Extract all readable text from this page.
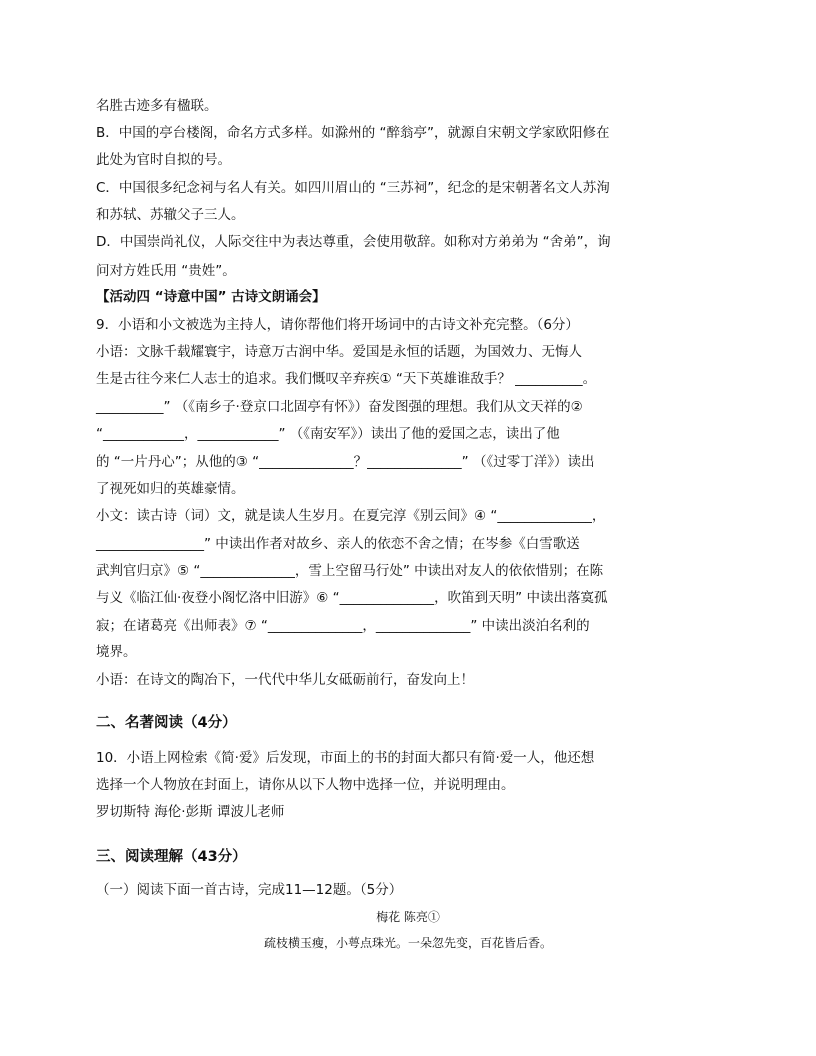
名胜古迹多有楹联。
B．中国的亭台楼阁，命名方式多样。如滁州的 “醉翁亭”，就源自宋朝文学家欧阳修在
此处为官时自拟的号。
C．中国很多纪念祠与名人有关。如四川眉山的 “三苏祠”，纪念的是宋朝著名文人苏洵
和苏轼、苏辙父子三人。
D．中国崇尚礼仪，人际交往中为表达尊重，会使用敬辞。如称对方弟弟为 “舍弟”，询
问对方姓氏用 “贵姓”。
【活动四 “诗意中国” 古诗文朗诵会】
9．小语和小文被选为主持人，请你帮他们将开场词中的古诗文补充完整。（6分）
小语：文脉千载耀寰宇，诗意万古润中华。爱国是永恒的话题，为国效力、无悔人
生是古往今来仁人志士的追求。我们慨叹辛弃疾① “天下英雄谁敌手？ __________。
__________” （《南乡子·登京口北固亭有怀》）奋发图强的理想。我们从文天祥的②
“____________，____________” （《南安军》）读出了他的爱国之志，读出了他
的 “一片丹心”；从他的③ “______________？______________” （《过零丁洋》）读出
了视死如归的英雄豪情。
小文：读古诗（词）文，就是读人生岁月。在夏完淳《别云间》④ “______________，
________________” 中读出作者对故乡、亲人的依恋不舍之情；在岑参《白雪歌送
武判官归京》⑤ “______________，雪上空留马行处” 中读出对友人的依依惜别；在陈
与义《临江仙·夜登小阁忆洛中旧游》⑥ “______________，吹笛到天明” 中读出落寞孤
寂；在诸葛亮《出师表》⑦ “______________，______________” 中读出淡泊名利的
境界。
小语：在诗文的陶冶下，一代代中华儿女砥砺前行，奋发向上！
二、名著阅读（4分）
10．小语上网检索《简·爱》后发现，市面上的书的封面大都只有简·爱一人，他还想
选择一个人物放在封面上，请你从以下人物中选择一位，并说明理由。
罗切斯特 海伦·彭斯 谭波儿老师
三、阅读理解（43分）
（一）阅读下面一首古诗，完成11—12题。（5分）
梅花 陈亮①
疏枝横玉瘦，小萼点珠光。一朵忽先变，百花皆后香。
